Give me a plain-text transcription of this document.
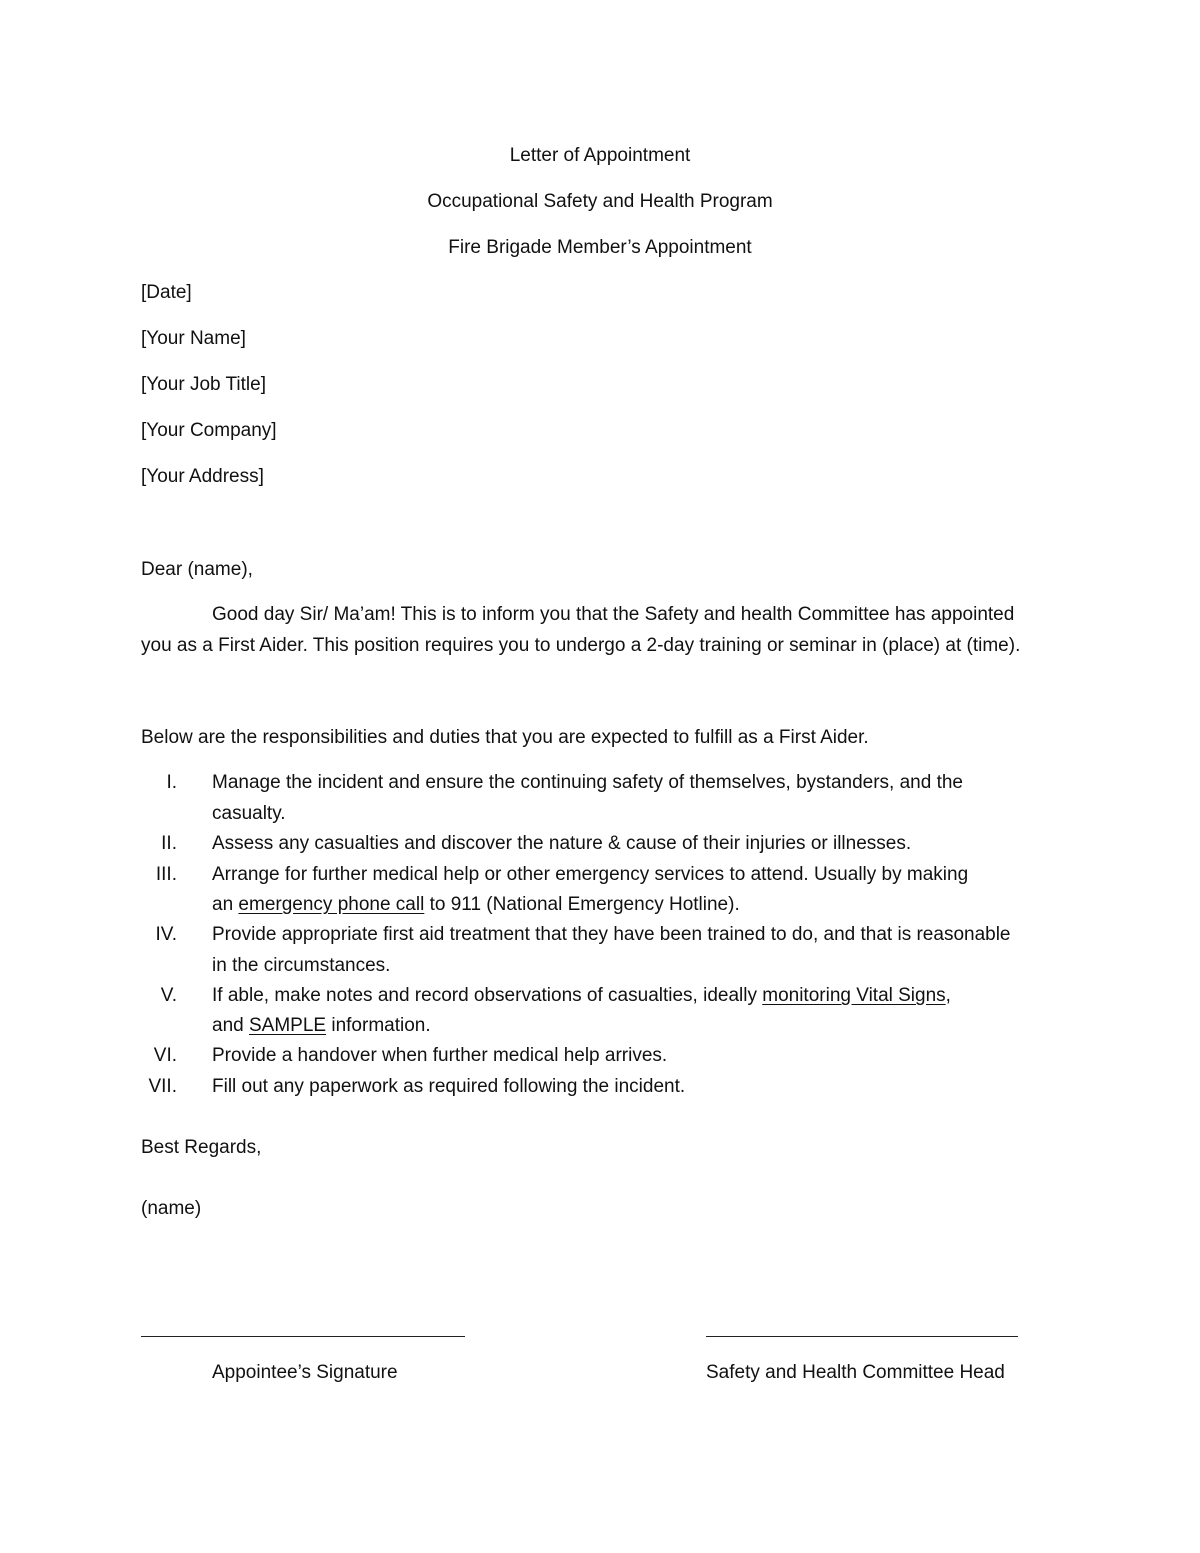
Letter of Appointment
Occupational Safety and Health Program
Fire Brigade Member’s Appointment
[Date]
[Your Name]
[Your Job Title]
[Your Company]
[Your Address]
Dear (name),
Good day Sir/ Ma’am! This is to inform you that the Safety and health Committee has appointed
you as a First Aider. This position requires you to undergo a 2-day training or seminar in (place) at (time).
Below are the responsibilities and duties that you are expected to fulfill as a First Aider.
I. Manage the incident and ensure the continuing safety of themselves, bystanders, and the
casualty.
II. Assess any casualties and discover the nature & cause of their injuries or illnesses.
III. Arrange for further medical help or other emergency services to attend. Usually by making
an emergency phone call to 911 (National Emergency Hotline).
IV. Provide appropriate first aid treatment that they have been trained to do, and that is reasonable
in the circumstances.
V. If able, make notes and record observations of casualties, ideally monitoring Vital Signs,
and SAMPLE information.
VI. Provide a handover when further medical help arrives.
VII. Fill out any paperwork as required following the incident.
Best Regards,
(name)
Appointee’s Signature	Safety and Health Committee Head
